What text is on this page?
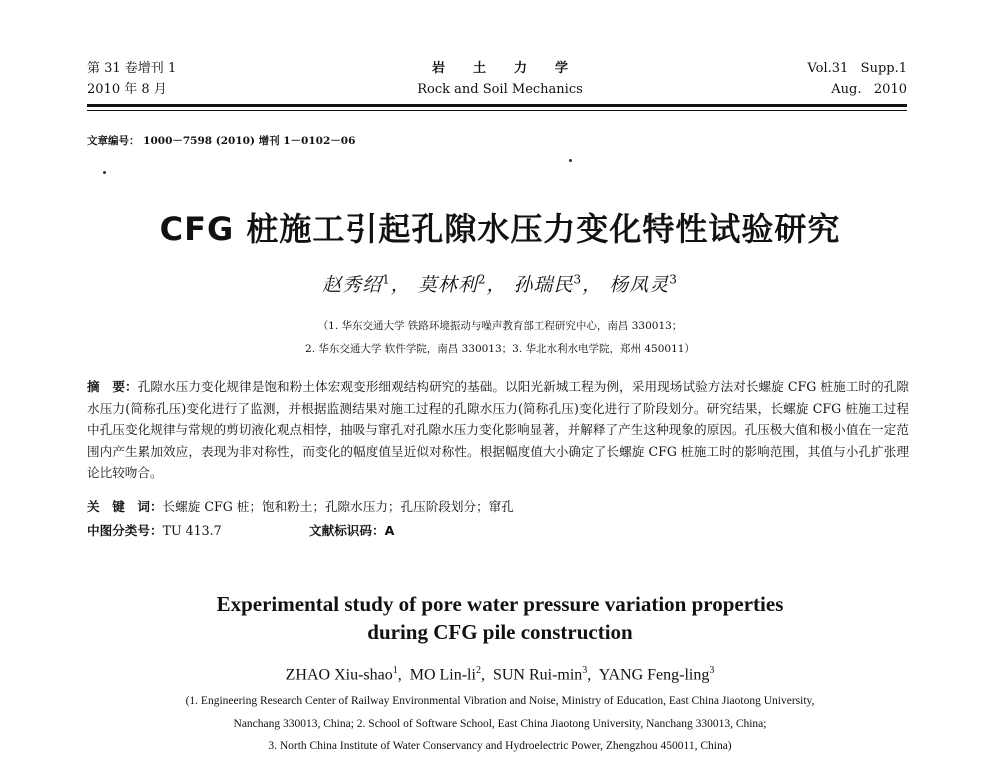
第 31 卷增刊 1
2010 年 8 月
岩土力学
Rock and Soil Mechanics
Vol.31   Supp.1
Aug.   2010
文章编号： 1000－7598 (2010) 增刊 1－0102－06
CFG 桩施工引起孔隙水压力变化特性试验研究
赵秀绍$^1$， 莫林利$^2$， 孙瑞民$^3$， 杨凤灵$^3$
（1. 华东交通大学 铁路环境振动与噪声教育部工程研究中心，南昌 330013；
2. 华东交通大学 软件学院，南昌 330013；3. 华北水利水电学院，郑州 450011）
摘　要：孔隙水压力变化规律是饱和粉土体宏观变形细观结构研究的基础。以阳光新城工程为例，采用现场试验方法对长螺旋 CFG 桩施工时的孔隙水压力(简称孔压)变化进行了监测，并根据监测结果对施工过程的孔隙水压力(简称孔压)变化进行了阶段划分。研究结果，长螺旋 CFG 桩施工过程中孔压变化规律与常规的剪切液化观点相悖，抽吸与窜孔对孔隙水压力变化影响显著，并解释了产生这种现象的原因。孔压极大值和极小值在一定范围内产生累加效应，表现为非对称性，而变化的幅度值呈近似对称性。根据幅度值大小确定了长螺旋 CFG 桩施工时的影响范围，其值与小孔扩张理论比较吻合。
关　键　词：长螺旋 CFG 桩；饱和粉土；孔隙水压力；孔压阶段划分；窜孔
中图分类号：TU 413.7	文献标识码：A
Experimental study of pore water pressure variation properties
during CFG pile construction
ZHAO Xiu-shao$^1$,  MO Lin-$li^2$,  SUN Rui-$\min^3$,  YANG Feng-ling$^3$
(1. Engineering Research Center of Railway Environmental Vibration and Noise, Ministry of Education, East China Jiaotong University,
Nanchang 330013, China; 2. School of Software School, East China Jiaotong University, Nanchang 330013, China;
3. North China Institute of Water Conservancy and Hydroelectric Power, Zhengzhou 450011, China)
